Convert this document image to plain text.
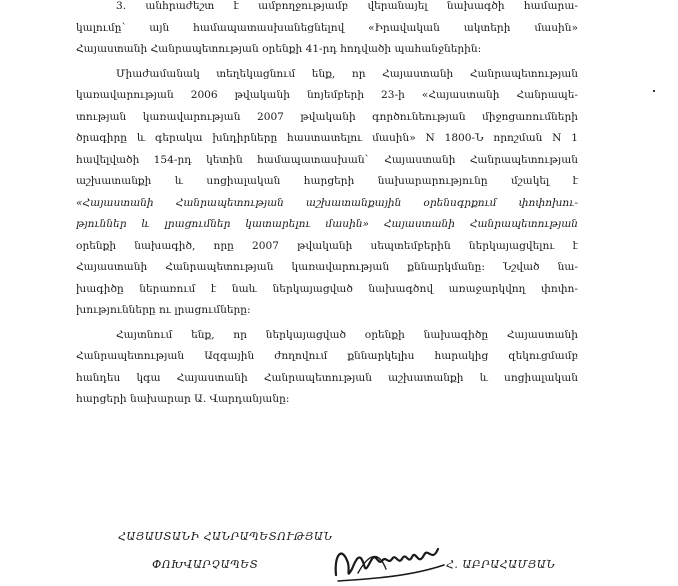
3. անհրաժեշտ է ամբողջությամբ վերանայել նախագծի համարա-
կալումը՝ այն համապատասխանեցնելով «Իրավական ակտերի մասին»
Հայաստանի Հանրապետության օրենքի 41-րդ հոդվածի պահանջներին:

Միաժամանակ տեղեկացնում ենք, որ Հայաստանի Հանրապետության
կառավարության 2006 թվականի նոյեմբերի 23-ի «Հայաստանի Հանրապե-
տության կառավարության 2007 թվականի գործունեության միջոցառումների
ծրագիրը և գերակա խնդիրները հաստատելու մասին» N 1800-Ն որոշման N 1
հավելվածի 154-րդ կետին համապատասխան` Հայաստանի Հանրապետության
աշխատանքի և սոցիալական հարցերի նախարարությունը մշակել է
«Հայաստանի Հանրապետության աշխատանքային օրենսգրքում փոփոխու-
թյուններ և լրացումներ կատարելու մասին» Հայաստանի Հանրապետության
օրենքի նախագիծ, որը 2007 թվականի սեպտեմբերին ներկայացվելու է
Հայաստանի Հանրապետության կառավարության քննարկմանը: Նշված նա-
խագիծը ներառում է նաև ներկայացված նախագծով առաջարկվող փոփո-
խությունները ու լրացումները:

Հայտնում ենք, որ ներկայացված օրենքի նախագիծը Հայաստանի
Հանրապետության Ազգային ժողովում քննարկելիս հարակից զեկուցմամբ
հանդես կգա Հայաստանի Հանրապետության աշխատանքի և սոցիալական
հարցերի նախարար Ա. Վարդանյանը:

ՀԱՅԱՍՏԱՆԻ ՀԱՆՐԱՊԵՏՈՒԹՅԱՆ
ՓՈԽՎԱՐՉԱՊԵՏ	Հ. ԱԲՐԱՀԱՄՅԱՆ
